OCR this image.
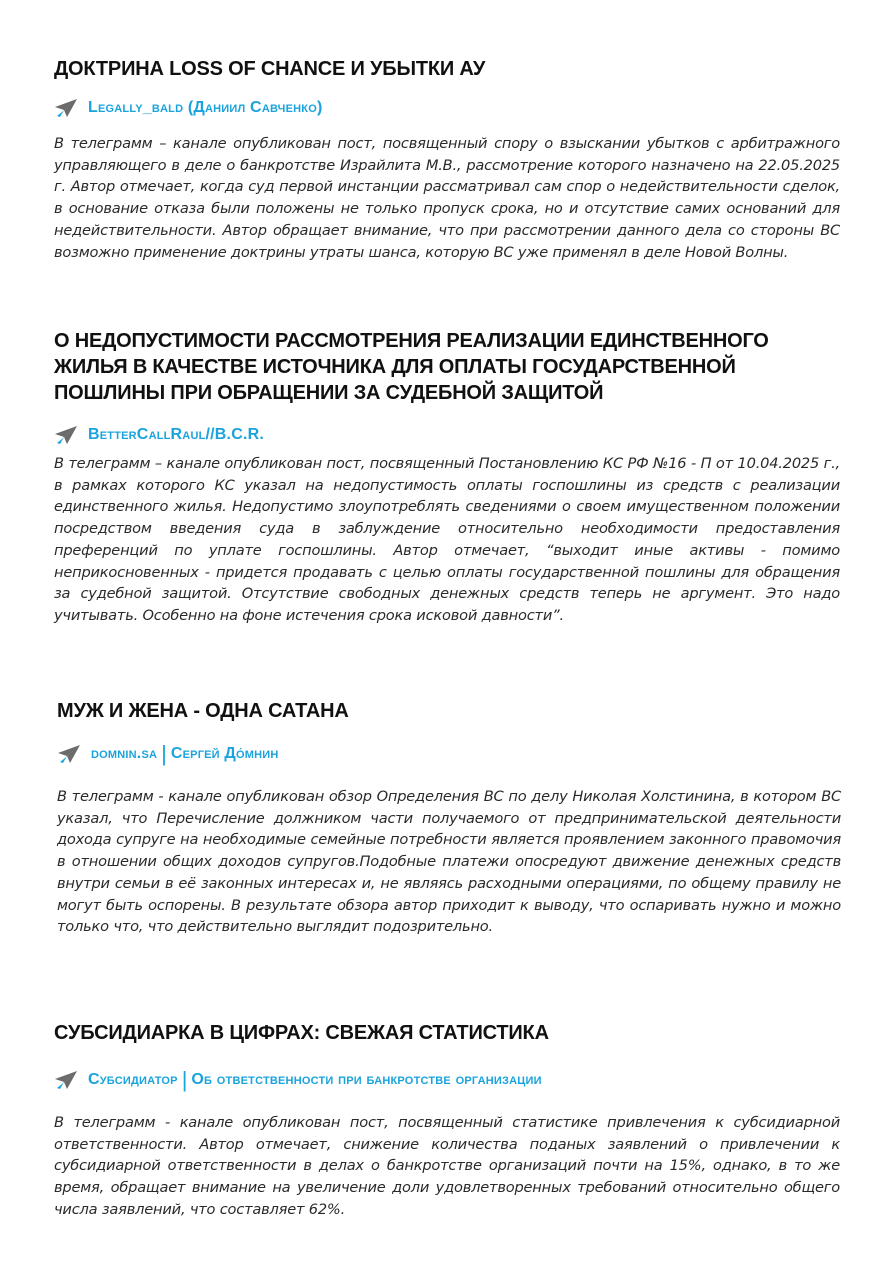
ДОКТРИНА LOSS OF CHANCE И УБЫТКИ АУ
Legally_bald (Даниил Савченко)

В телеграмм – канале опубликован пост, посвященный спору о взыскании убытков с арбитражного управляющего в деле о банкротстве Израйлита М.В., рассмотрение которого назначено на 22.05.2025 г. Автор отмечает, когда суд первой инстанции рассматривал сам спор о недействительности сделок, в основание отказа были положены не только пропуск срока, но и отсутствие самих оснований для недействительности. Автор обращает внимание, что при рассмотрении данного дела со стороны ВС возможно применение доктрины утраты шанса, которую ВС уже применял в деле Новой Волны.

О НЕДОПУСТИМОСТИ РАССМОТРЕНИЯ РЕАЛИЗАЦИИ ЕДИНСТВЕННОГО ЖИЛЬЯ В КАЧЕСТВЕ ИСТОЧНИКА ДЛЯ ОПЛАТЫ ГОСУДАРСТВЕННОЙ ПОШЛИНЫ ПРИ ОБРАЩЕНИИ ЗА СУДЕБНОЙ ЗАЩИТОЙ
BetterCallRaul//B.C.R.

В телеграмм – канале опубликован пост, посвященный Постановлению КС РФ №16 - П от 10.04.2025 г., в рамках которого КС указал на недопустимость оплаты госпошлины из средств с реализации единственного жилья. Недопустимо злоупотреблять сведениями о своем имущественном положении посредством введения суда в заблуждение относительно необходимости предоставления преференций по уплате госпошлины. Автор отмечает, “выходит иные активы - помимо неприкосновенных - придется продавать с целью оплаты государственной пошлины для обращения за судебной защитой. Отсутствие свободных денежных средств теперь не аргумент. Это надо учитывать. Особенно на фоне истечения срока исковой давности”.

МУЖ И ЖЕНА - ОДНА САТАНА
domnin.sa | Сергей До́мнин

В телеграмм - канале опубликован обзор Определения ВС по делу Николая Холстинина, в котором ВС указал, что Перечисление должником части получаемого от предпринимательской деятельности дохода супруге на необходимые семейные потребности является проявлением законного правомочия в отношении общих доходов супругов.Подобные платежи опосредуют движение денежных средств внутри семьи в её законных интересах и, не являясь расходными операциями, по общему правилу не могут быть оспорены. В результате обзора автор приходит к выводу, что оспаривать нужно и можно только что, что действительно выглядит подозрительно.

СУБСИДИАРКА В ЦИФРАХ: СВЕЖАЯ СТАТИСТИКА
Субсидиатор | Об ответственности при банкротстве организации

В телеграмм - канале опубликован пост, посвященный статистике привлечения к субсидиарной ответственности. Автор отмечает, снижение количества поданых заявлений о привлечении к субсидиарной ответственности в делах о банкротстве организаций почти на 15%, однако, в то же время, обращает внимание на увеличение доли удовлетворенных требований относительно общего числа заявлений, что составляет 62%.
